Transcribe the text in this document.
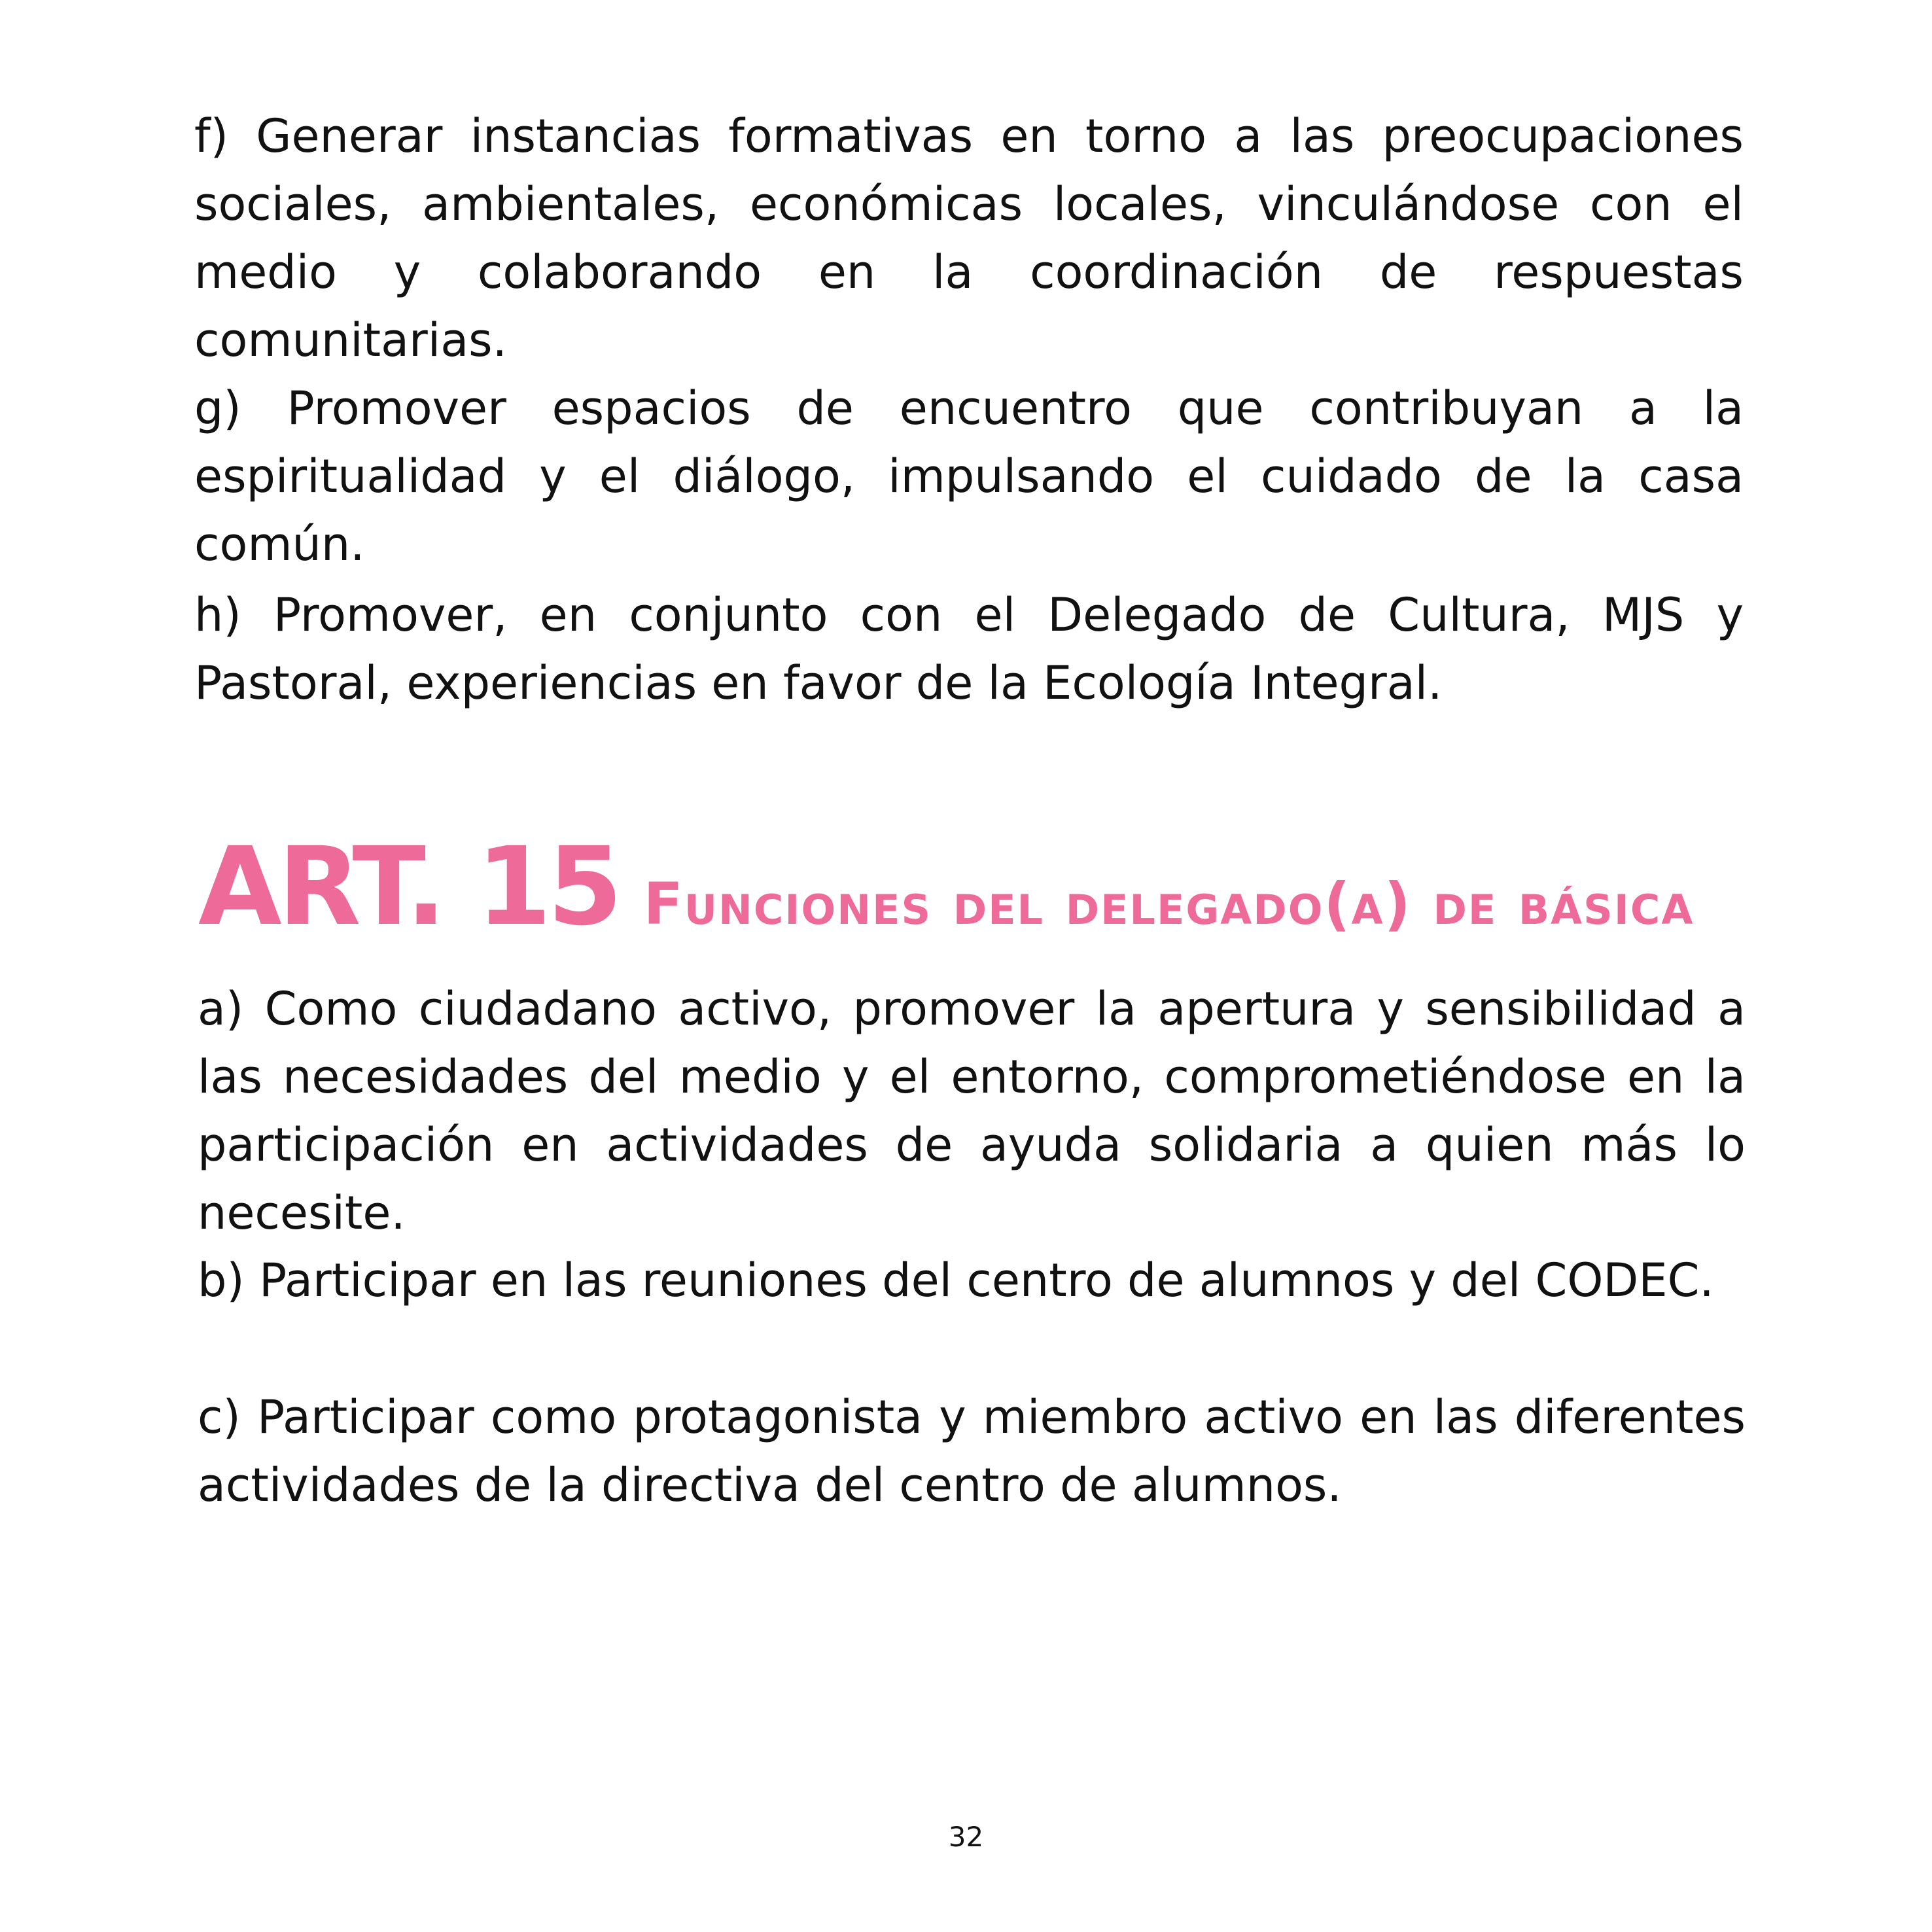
f) Generar instancias formativas en torno a las preocupaciones sociales, ambientales, económicas locales, vinculándose con el medio y colaborando en la coordinación de respuestas comunitarias.

g) Promover espacios de encuentro que contribuyan a la espiritualidad y el diálogo, impulsando el cuidado de la casa común.

h) Promover, en conjunto con el Delegado de Cultura, MJS y Pastoral, experiencias en favor de la Ecología Integral.

ART. 15 Funciones del delegado(a) de básica

a) Como ciudadano activo, promover la apertura y sensibilidad a las necesidades del medio y el entorno, comprometiéndose en la participación en actividades de ayuda solidaria a quien más lo necesite.

b) Participar en las reuniones del centro de alumnos y del CODEC.

c) Participar como protagonista y miembro activo en las diferentes actividades de la directiva del centro de alumnos.

32
